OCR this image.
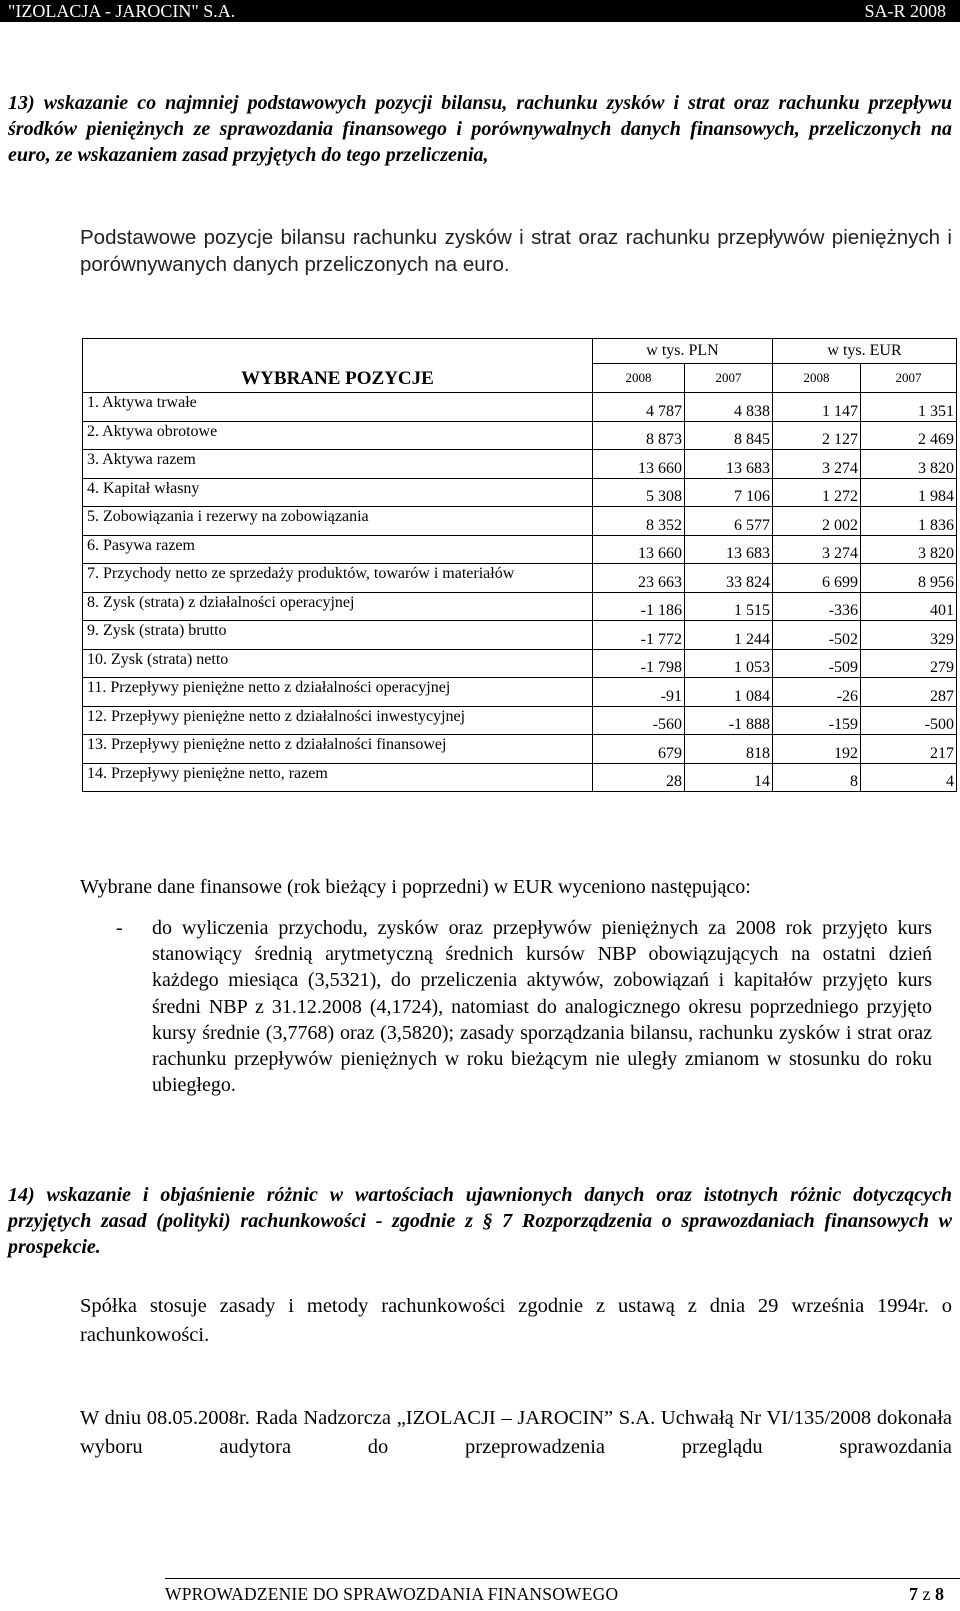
"IZOLACJA - JAROCIN" S.A.	SA-R 2008

13) wskazanie co najmniej podstawowych pozycji bilansu, rachunku zysków i strat oraz rachunku przepływu środków pieniężnych ze sprawozdania finansowego i porównywalnych danych finansowych, przeliczonych na euro, ze wskazaniem zasad przyjętych do tego przeliczenia,

Podstawowe pozycje bilansu rachunku zysków i strat oraz rachunku przepływów pieniężnych i porównywanych danych przeliczonych na euro.

WYBRANE POZYCJE	w tys. PLN		w tys. EUR	
	2008	2007	2008	2007
1. Aktywa trwałe	4 787	4 838	1 147	1 351
2. Aktywa obrotowe	8 873	8 845	2 127	2 469
3. Aktywa razem	13 660	13 683	3 274	3 820
4. Kapitał własny	5 308	7 106	1 272	1 984
5. Zobowiązania i rezerwy na zobowiązania	8 352	6 577	2 002	1 836
6. Pasywa razem	13 660	13 683	3 274	3 820
7. Przychody netto ze sprzedaży produktów, towarów i materiałów	23 663	33 824	6 699	8 956
8. Zysk (strata) z działalności operacyjnej	-1 186	1 515	-336	401
9. Zysk (strata) brutto	-1 772	1 244	-502	329
10. Zysk (strata) netto	-1 798	1 053	-509	279
11. Przepływy pieniężne netto z działalności operacyjnej	-91	1 084	-26	287
12. Przepływy pieniężne netto z działalności inwestycyjnej	-560	-1 888	-159	-500
13. Przepływy pieniężne netto z działalności finansowej	679	818	192	217
14. Przepływy pieniężne netto, razem	28	14	8	4

Wybrane dane finansowe (rok bieżący i poprzedni) w EUR wyceniono następująco:

-	do wyliczenia przychodu, zysków oraz przepływów pieniężnych za 2008 rok przyjęto kurs stanowiący średnią arytmetyczną średnich kursów NBP obowiązujących na ostatni dzień każdego miesiąca (3,5321), do przeliczenia aktywów, zobowiązań i kapitałów przyjęto kurs średni NBP z 31.12.2008 (4,1724), natomiast do analogicznego okresu poprzedniego przyjęto kursy średnie (3,7768) oraz (3,5820); zasady sporządzania bilansu, rachunku zysków i strat oraz rachunku przepływów pieniężnych w roku bieżącym nie uległy zmianom w stosunku do roku ubiegłego.

14) wskazanie i objaśnienie różnic w wartościach ujawnionych danych oraz istotnych różnic dotyczących przyjętych zasad (polityki) rachunkowości - zgodnie z § 7 Rozporządzenia o sprawozdaniach finansowych w prospekcie.

Spółka stosuje zasady i metody rachunkowości zgodnie z ustawą z dnia 29 września 1994r. o rachunkowości.

W dniu 08.05.2008r. Rada Nadzorcza „IZOLACJI – JAROCIN” S.A. Uchwałą Nr VI/135/2008 dokonała wyboru audytora do przeprowadzenia przeglądu sprawozdania

WPROWADZENIE DO SPRAWOZDANIA FINANSOWEGO	7 z 8
